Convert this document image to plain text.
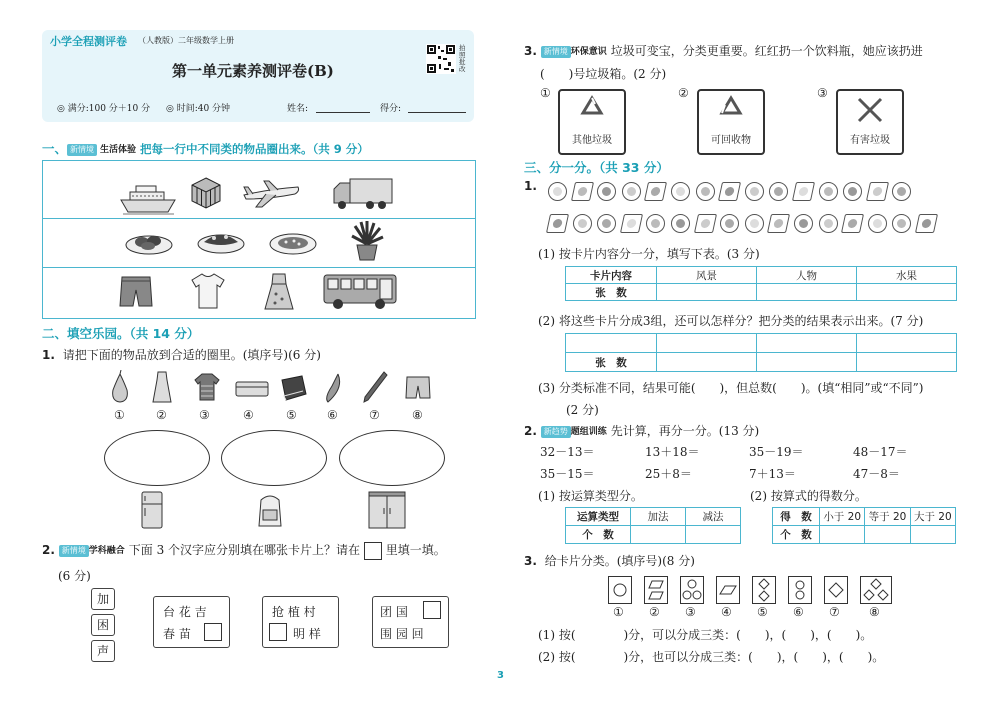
小学全程测评卷 （人教版）二年级数学上册
第一单元素养测评卷(B)
拍照批改
◎ 满分:100 分＋10 分 ◎ 时间:40 分钟	姓名:	得分:
一、 新情境 生活体验 把每一行中不同类的物品圈出来。（共 9 分）
二、填空乐园。（共 14 分）
1. 请把下面的物品放到合适的圈里。(填序号)(6 分)
①	②	③	④	⑤	⑥	⑦	⑧
2. 新情境 学科融合 下面 3 个汉字应分别填在哪张卡片上？请在 里填一填。
(6 分)
加
困
声
台 花 吉
春 苗
抢 植 村
明 样
团 国
围 园 回
3. 新情境 环保意识 垃圾可变宝，分类更重要。红红扔一个饮料瓶，她应该扔进
(　　)号垃圾箱。(2 分)
①
其他垃圾
②
可回收物
③
有害垃圾
三、分一分。（共 33 分）
1.
(1) 按卡片内容分一分，填写下表。(3 分)
卡片内容	风景	人物	水果
张　数			
(2) 将这些卡片分成3组，还可以怎样分？把分类的结果表示出来。(7 分)

张　数			
(3) 分类标准不同，结果可能(　　)，但总数(　　)。(填“相同”或“不同”)
(2 分)
2. 新趋势 题组训练 先计算，再分一分。(13 分)
32－13＝	13＋18＝	35－19＝	48－17＝
35－15＝	25＋8＝	7＋13＝	47－8＝
(1) 按运算类型分。	(2) 按算式的得数分。
运算类型	加法	减法
个　数		
得　数	小于 20	等于 20	大于 20
个　数			
3. 给卡片分类。(填序号)(8 分)
① ② ③ ④ ⑤ ⑥ ⑦ ⑧
(1) 按(　　　　)分，可以分成三类：(　　)，(　　)，(　　)。
(2) 按(　　　　)分，也可以分成三类：(　　)，(　　)，(　　)。
3
